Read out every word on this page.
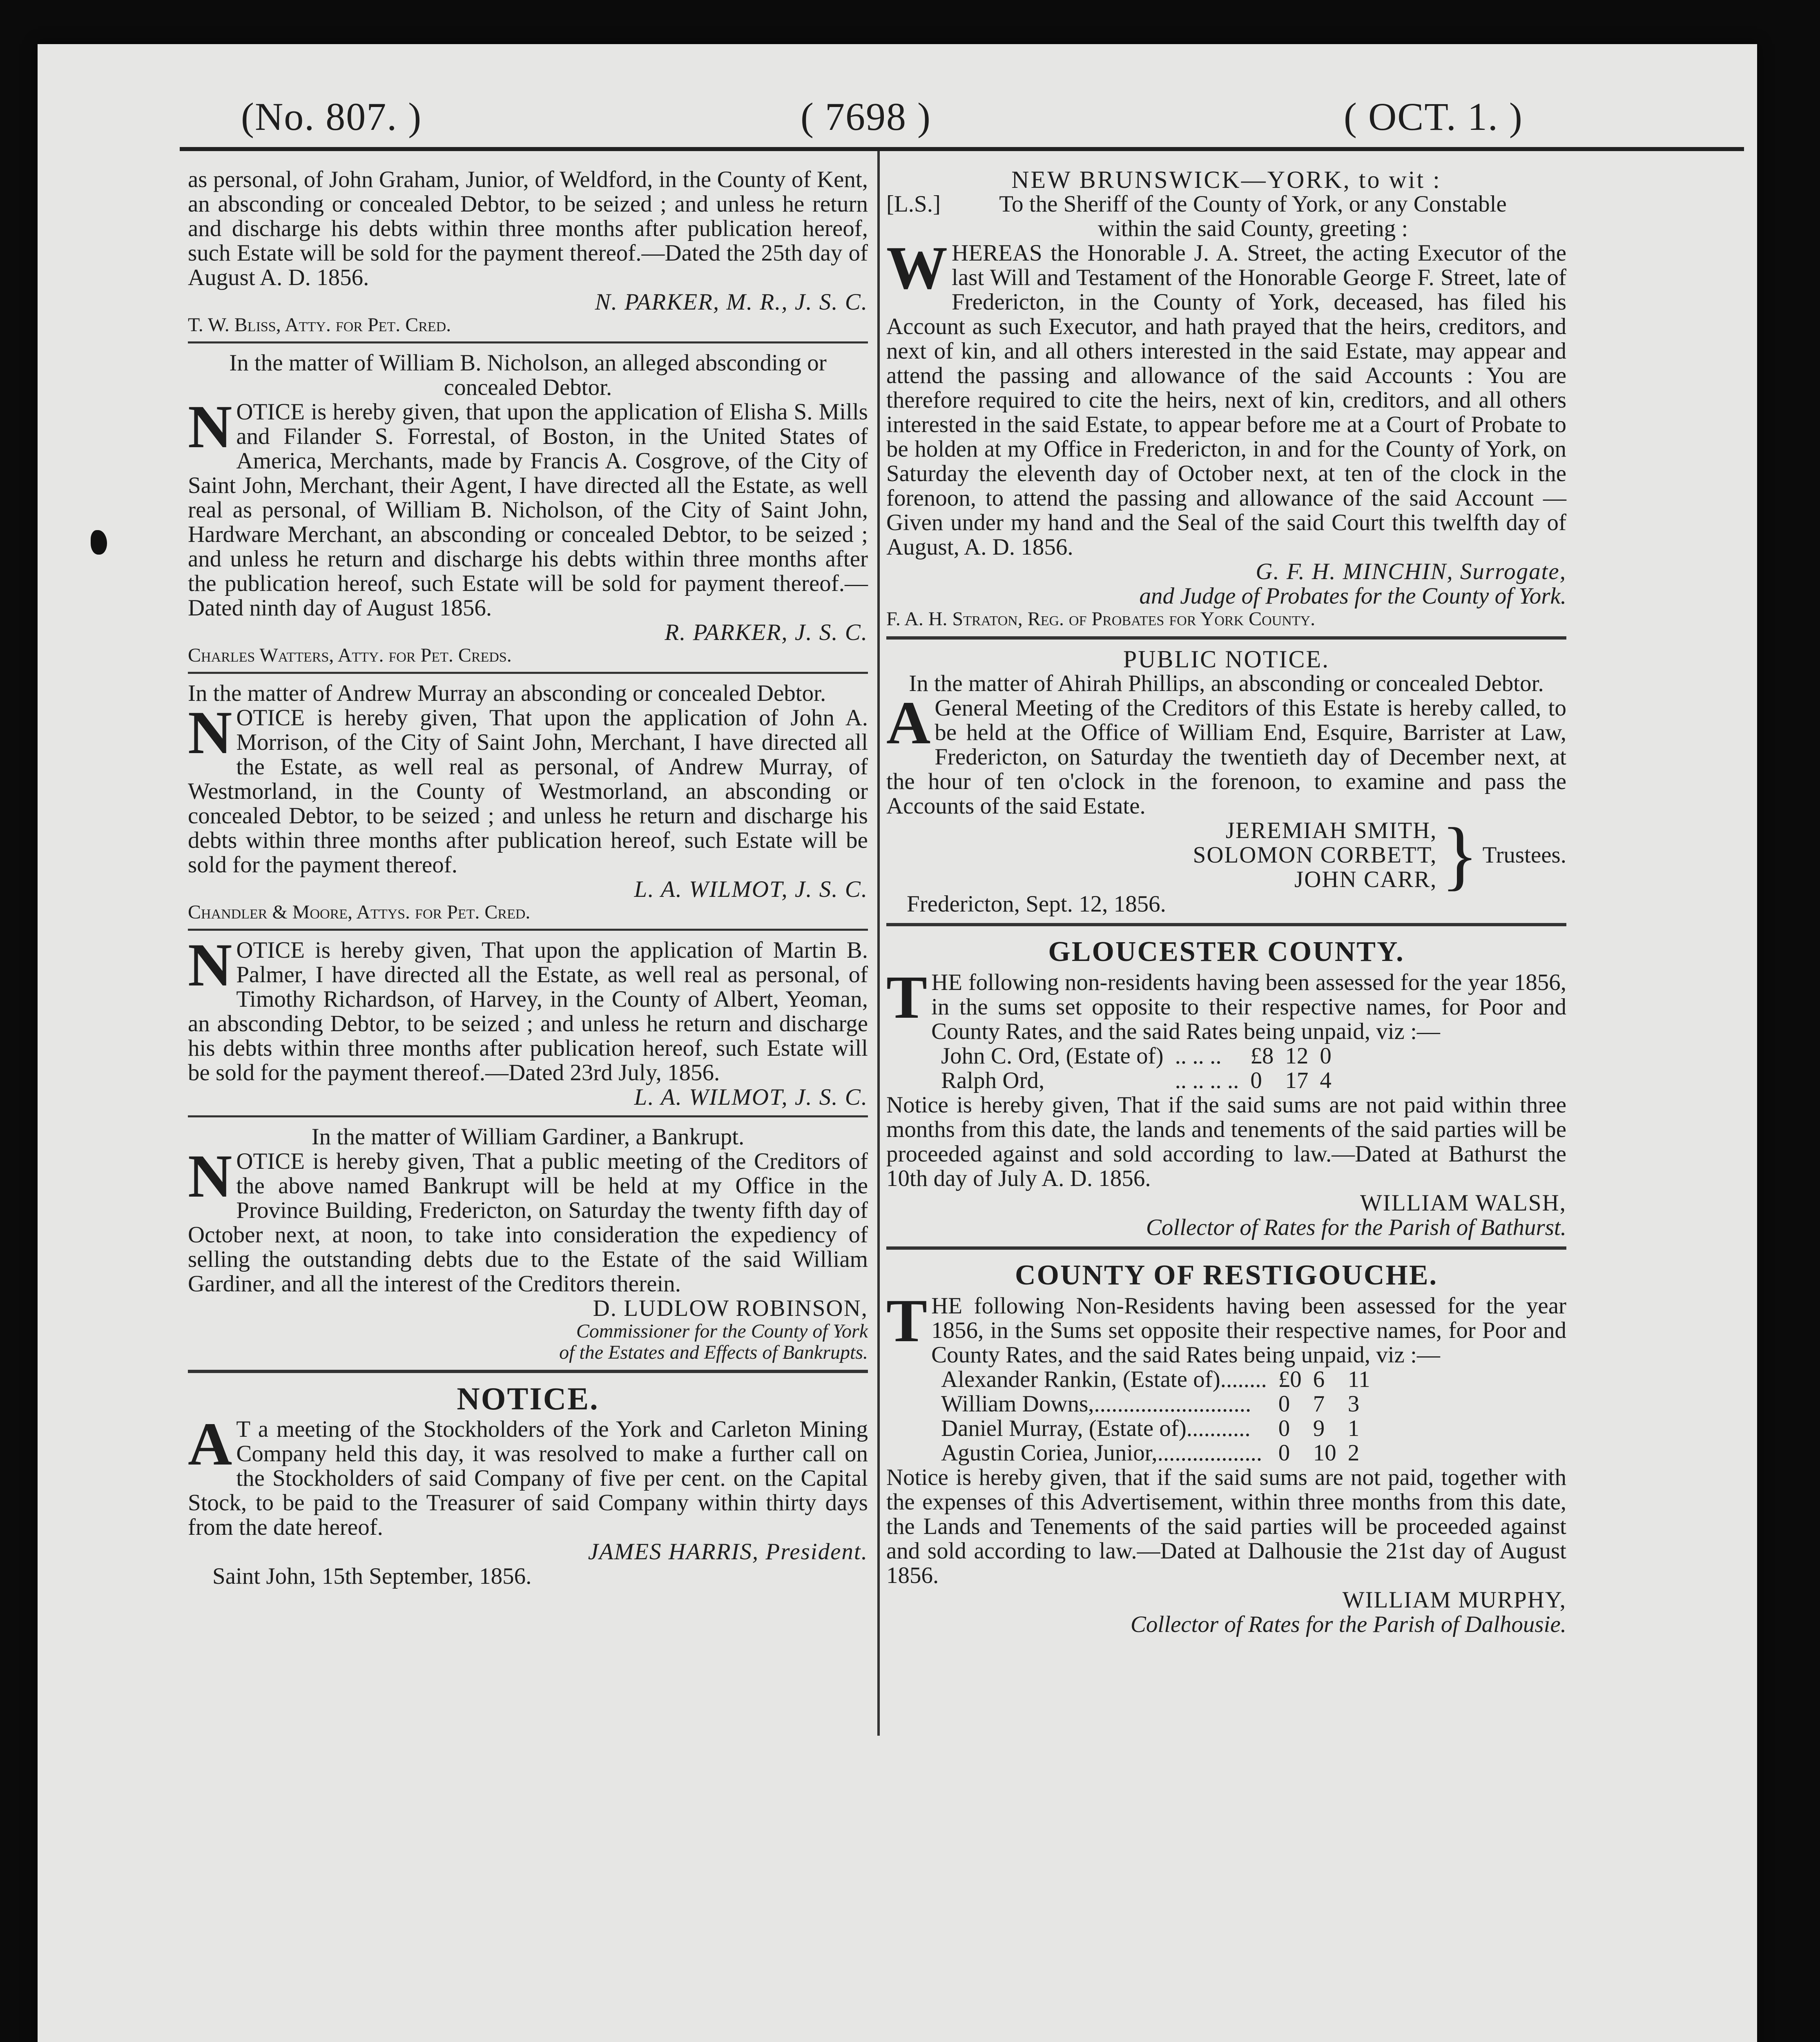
(No. 807. )	( 7698 )	( OCT. 1. )

as personal, of John Graham, Junior, of Weldford, in the County of Kent, an absconding or concealed Debtor, to be seized ; and unless he return and discharge his debts within three months after publication hereof, such Estate will be sold for the payment thereof.—Dated the 25th day of August A. D. 1856.

N. PARKER, M. R., J. S. C.

T. W. Bliss, Atty. for Pet. Cred.

In the matter of William B. Nicholson, an alleged absconding or concealed Debtor.

NOTICE is hereby given, that upon the application of Elisha S. Mills and Filander S. Forrestal, of Boston, in the United States of America, Merchants, made by Francis A. Cosgrove, of the City of Saint John, Merchant, their Agent, I have directed all the Estate, as well real as personal, of William B. Nicholson, of the City of Saint John, Hardware Merchant, an absconding or concealed Debtor, to be seized ; and unless he return and discharge his debts within three months after the publication hereof, such Estate will be sold for payment thereof.—Dated ninth day of August 1856.

R. PARKER, J. S. C.

Charles Watters, Atty. for Pet. Creds.

In the matter of Andrew Murray an absconding or concealed Debtor.

NOTICE is hereby given, That upon the application of John A. Morrison, of the City of Saint John, Merchant, I have directed all the Estate, as well real as personal, of Andrew Murray, of Westmorland, in the County of Westmorland, an absconding or concealed Debtor, to be seized ; and unless he return and discharge his debts within three months after publication hereof, such Estate will be sold for the payment thereof.

L. A. WILMOT, J. S. C.

Chandler & Moore, Attys. for Pet. Cred.

NOTICE is hereby given, That upon the application of Martin B. Palmer, I have directed all the Estate, as well real as personal, of Timothy Richardson, of Harvey, in the County of Albert, Yeoman, an absconding Debtor, to be seized ; and unless he return and discharge his debts within three months after publication hereof, such Estate will be sold for the payment thereof.—Dated 23rd July, 1856.

L. A. WILMOT, J. S. C.

In the matter of William Gardiner, a Bankrupt.

NOTICE is hereby given, That a public meeting of the Creditors of the above named Bankrupt will be held at my Office in the Province Building, Fredericton, on Saturday the twenty fifth day of October next, at noon, to take into consideration the expediency of selling the outstanding debts due to the Estate of the said William Gardiner, and all the interest of the Creditors therein.

D. LUDLOW ROBINSON,

Commissioner for the County of York

of the Estates and Effects of Bankrupts.

NOTICE.

A T a meeting of the Stockholders of the York and Carleton Mining Company held this day, it was resolved to make a further call on the Stockholders of said Company of five per cent. on the Capital Stock, to be paid to the Treasurer of said Company within thirty days from the date hereof.

JAMES HARRIS, President.

Saint John, 15th September, 1856.

NEW BRUNSWICK—YORK, to wit :

[L.S.]	To the Sheriff of the County of York, or any Constable
within the said County, greeting :

WHEREAS the Honorable J. A. Street, the acting Executor of the last Will and Testament of the Honorable George F. Street, late of Fredericton, in the County of York, deceased, has filed his Account as such Executor, and hath prayed that the heirs, creditors, and next of kin, and all others interested in the said Estate, may appear and attend the passing and allowance of the said Accounts : You are therefore required to cite the heirs, next of kin, creditors, and all others interested in the said Estate, to appear before me at a Court of Probate to be holden at my Office in Fredericton, in and for the County of York, on Saturday the eleventh day of October next, at ten of the clock in the forenoon, to attend the passing and allowance of the said Account — Given under my hand and the Seal of the said Court this twelfth day of August, A. D. 1856.

G. F. H. MINCHIN, Surrogate,

and Judge of Probates for the County of York.

F. A. H. Straton, Reg. of Probates for York County.

PUBLIC NOTICE.

In the matter of Ahirah Phillips, an absconding or concealed Debtor.

A General Meeting of the Creditors of this Estate is hereby called, to be held at the Office of William End, Esquire, Barrister at Law, Fredericton, on Saturday the twentieth day of December next, at the hour of ten o'clock in the forenoon, to examine and pass the Accounts of the said Estate.

JEREMIAH SMITH,
SOLOMON CORBETT,
JOHN CARR, } Trustees.

Fredericton, Sept. 12, 1856.

GLOUCESTER COUNTY.

THE following non-residents having been assessed for the year 1856, in the sums set opposite to their respective names, for Poor and County Rates, and the said Rates being unpaid, viz :—

John C. Ord, (Estate of)	.. .. ..	£8	12	0
Ralph Ord,	.. .. .. ..	0	17	4

Notice is hereby given, That if the said sums are not paid within three months from this date, the lands and tenements of the said parties will be proceeded against and sold according to law.—Dated at Bathurst the 10th day of July A. D. 1856.

WILLIAM WALSH,

Collector of Rates for the Parish of Bathurst.

COUNTY OF RESTIGOUCHE.

THE following Non-Residents having been assessed for the year 1856, in the Sums set opposite their respective names, for Poor and County Rates, and the said Rates being unpaid, viz :—

Alexander Rankin, (Estate of)........	£0	6	11
William Downs,...........................	0	7	3
Daniel Murray, (Estate of)...........	0	9	1
Agustin Coriea, Junior,..................	0	10	2

Notice is hereby given, that if the said sums are not paid, together with the expenses of this Advertisement, within three months from this date, the Lands and Tenements of the said parties will be proceeded against and sold according to law.—Dated at Dalhousie the 21st day of August 1856.

WILLIAM MURPHY,

Collector of Rates for the Parish of Dalhousie.
